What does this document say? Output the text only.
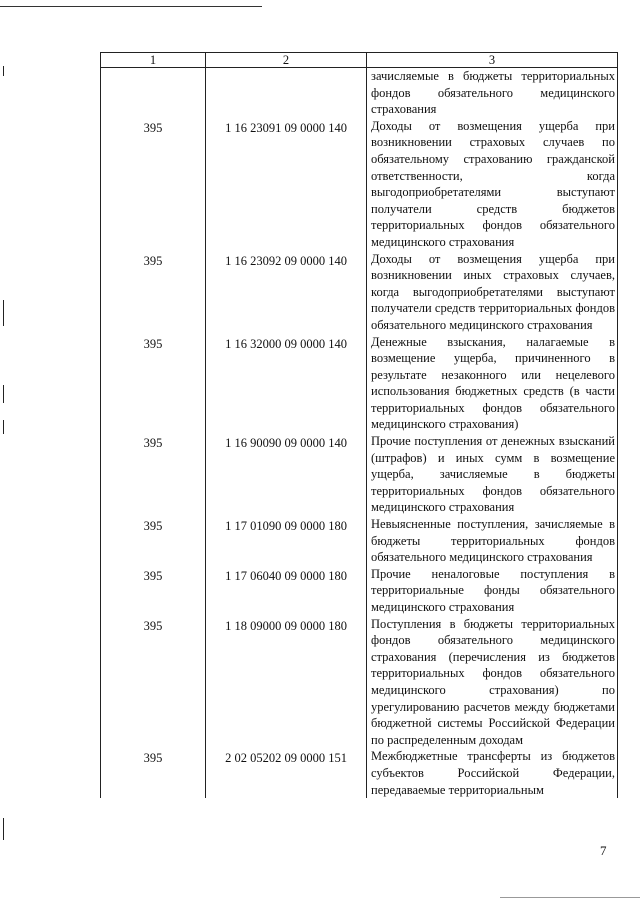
1	2	3
		зачисляемые в бюджеты территориальных фондов обязательного медицинского страхования
395	1 16 23091 09 0000 140	Доходы от возмещения ущерба при возникновении страховых случаев по обязательному страхованию гражданской ответственности, когда выгодоприобретателями выступают получатели средств бюджетов территориальных фондов обязательного медицинского страхования
395	1 16 23092 09 0000 140	Доходы от возмещения ущерба при возникновении иных страховых случаев, когда выгодоприобретателями выступают получатели средств территориальных фондов обязательного медицинского страхования
395	1 16 32000 09 0000 140	Денежные взыскания, налагаемые в возмещение ущерба, причиненного в результате незаконного или нецелевого использования бюджетных средств (в части территориальных фондов обязательного медицинского страхования)
395	1 16 90090 09 0000 140	Прочие поступления от денежных взысканий (штрафов) и иных сумм в возмещение ущерба, зачисляемые в бюджеты территориальных фондов обязательного медицинского страхования
395	1 17 01090 09 0000 180	Невыясненные поступления, зачисляемые в бюджеты территориальных фондов обязательного медицинского страхования
395	1 17 06040 09 0000 180	Прочие неналоговые поступления в территориальные фонды обязательного медицинского страхования
395	1 18 09000 09 0000 180	Поступления в бюджеты территориальных фондов обязательного медицинского страхования (перечисления из бюджетов территориальных фондов обязательного медицинского страхования) по урегулированию расчетов между бюджетами бюджетной системы Российской Федерации по распределенным доходам
395	2 02 05202 09 0000 151	Межбюджетные трансферты из бюджетов субъектов Российской Федерации, передаваемые территориальным
7
